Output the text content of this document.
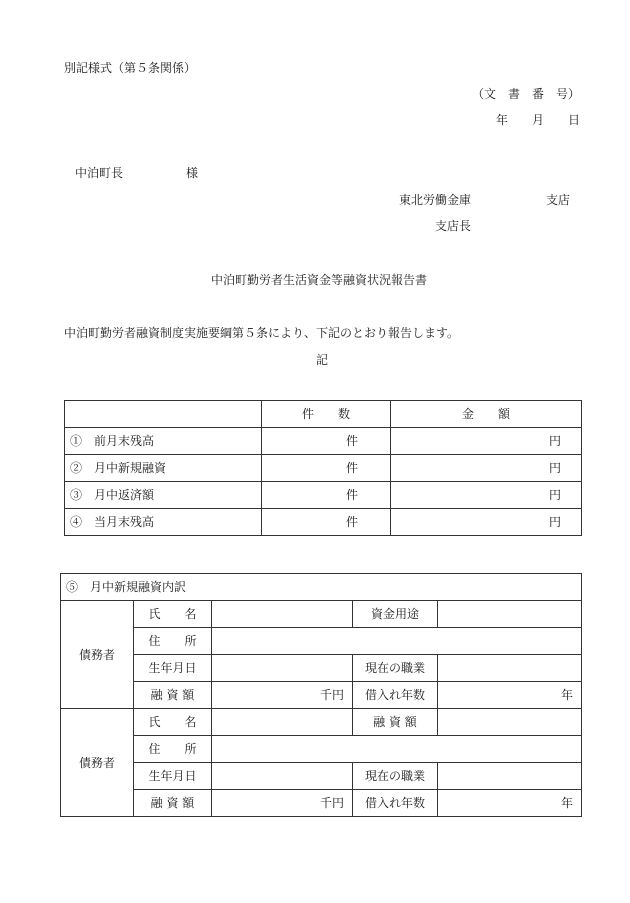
別記様式（第５条関係）
（文　書　番　号）
年　　月　　日
中泊町長	様
東北労働金庫	支店
支店長
中泊町勤労者生活資金等融資状況報告書
中泊町勤労者融資制度実施要綱第５条により、下記のとおり報告します。
記
	件　　数	金　　額
①　 前月末残高	件	円
②　 月中新規融資	件	円
③　 月中返済額	件	円
④　 当月末残高	件	円
⑤　月中新規融資内訳				
債務者	氏　　名		資金用途	
	住　　所			
	生年月日		現在の職業	
	融 資 額	千円	借入れ年数	年
債務者	氏　　名		融 資 額	
	住　　所			
	生年月日		現在の職業	
	融 資 額	千円	借入れ年数	年
